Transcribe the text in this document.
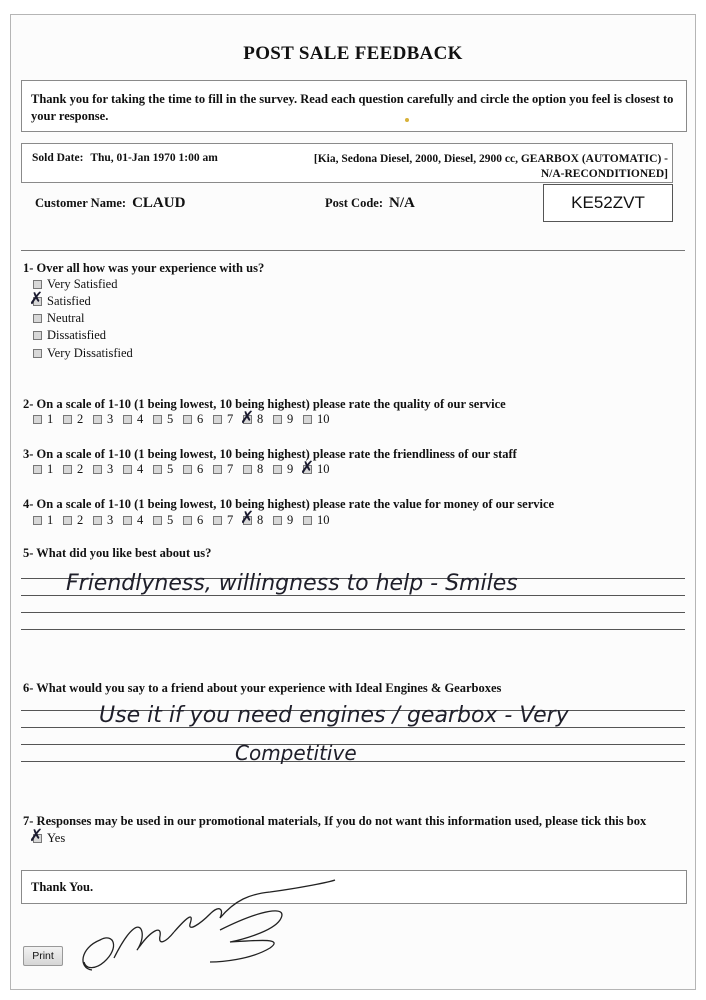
POST SALE FEEDBACK

Thank you for taking the time to fill in the survey. Read each question carefully and circle the option you feel is closest to your response.

Sold Date: Thu, 01-Jan 1970 1:00 am	[Kia, Sedona Diesel, 2000, Diesel, 2900 cc, GEARBOX (AUTOMATIC) - N/A-RECONDITIONED]
Customer Name: CLAUD	Post Code: N/A	KE52ZVT
1- Over all how was your experience with us?
Very Satisfied
Satisfied
Neutral
Dissatisfied
Very Dissatisfied
✗
2- On a scale of 1-10 (1 being lowest, 10 being highest) please rate the quality of our service
1 2 3 4 5 6 7 8 9 10
✗
3- On a scale of 1-10 (1 being lowest, 10 being highest) please rate the friendliness of our staff
1 2 3 4 5 6 7 8 9 10
✗
4- On a scale of 1-10 (1 being lowest, 10 being highest) please rate the value for money of our service
1 2 3 4 5 6 7 8 9 10
✗
5- What did you like best about us?
Friendlyness, willingness to help - Smiles
6- What would you say to a friend about your experience with Ideal Engines & Gearboxes
Use it if you need engines / gearbox - Very
Competitive
7- Responses may be used in our promotional materials, If you do not want this information used, please tick this box
Yes
✗
Thank You.
Print
